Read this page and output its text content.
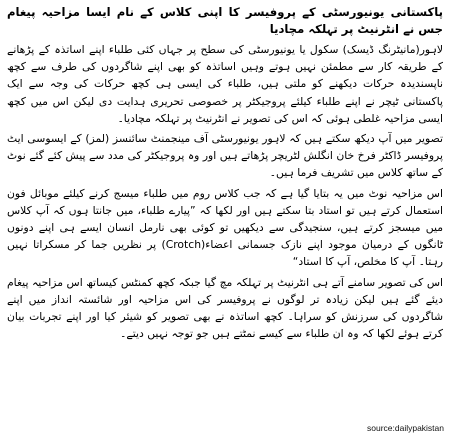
پاکستانی یونیورسٹی کے پروفیسر کا اپنی کلاس کے نام ایسا مزاحیہ پیغام جس نے انٹرنیٹ پر تہلکہ مچادیا

لاہور(مانیٹرنگ ڈیسک) سکول یا یونیورسٹی کی سطح پر جہاں کئی طلباء اپنے اساتذہ کے پڑھانے کے طریقہ کار سے مطمئن نہیں ہوتے وہیں اساتذہ کو بھی اپنے شاگردوں کی طرف سے کچھ ناپسندیدہ حرکات دیکھنے کو ملتی ہیں، طلباء کی ایسی ہی کچھ حرکات کی وجہ سے ایک پاکستانی ٹیچر نے اپنے طلباء کیلئے پروجیکٹر پر خصوصی تحریری ہدایت دی لیکن اس میں کچھ ایسی مزاحیہ غلطی ہوئی کہ اس کی تصویر نے انٹرنیٹ پر تہلکہ مچادیا۔

تصویر میں آپ دیکھ سکتے ہیں کہ لاہور یونیورسٹی آف مینجمنٹ سائنسز (لمز) کے ایسوسی ایٹ پروفیسر ڈاکٹر فرخ خان انگلش لٹریچر پڑھاتے ہیں اور وہ پروجیکٹر کی مدد سے پیش کئے گئے نوٹ کے ساتھ کلاس میں تشریف فرما ہیں۔

اس مزاحیہ نوٹ میں یہ بتایا گیا ہے کہ جب کلاس روم میں طلباء میسج کرنے کیلئے موبائل فون استعمال کرتے ہیں تو استاد بتا سکتے ہیں اور لکھا کہ ”پیارے طلباء، میں جانتا ہوں کہ آپ کلاس میں میسجز کرتے ہیں، سنجیدگی سے دیکھیں تو کوئی بھی نارمل انسان ایسے ہی اپنے دونوں ٹانگوں کے درمیان موجود اپنے نازک جسمانی اعضاء(Crotch) پر نظریں جما کر مسکراتا نہیں رہتا۔ آپ کا مخلص، آپ کا استاد“

اس کی تصویر سامنے آتے ہی انٹرنیٹ پر تہلکہ مچ گیا جبکہ کچھ کمنٹس کیساتھ اس مزاحیہ پیغام دیئے گئے ہیں لیکن زیادہ تر لوگوں نے پروفیسر کی اس مزاحیہ اور شائستہ انداز میں اپنے شاگردوں کی سرزنش کو سراہا۔ کچھ اساتذہ نے بھی تصویر کو شیئر کیا اور اپنے تجربات بیان کرتے ہوئے لکھا کہ وہ ان طلباء سے کیسے نمٹتے ہیں جو توجہ نہیں دیتے۔

source:dailypakistan
